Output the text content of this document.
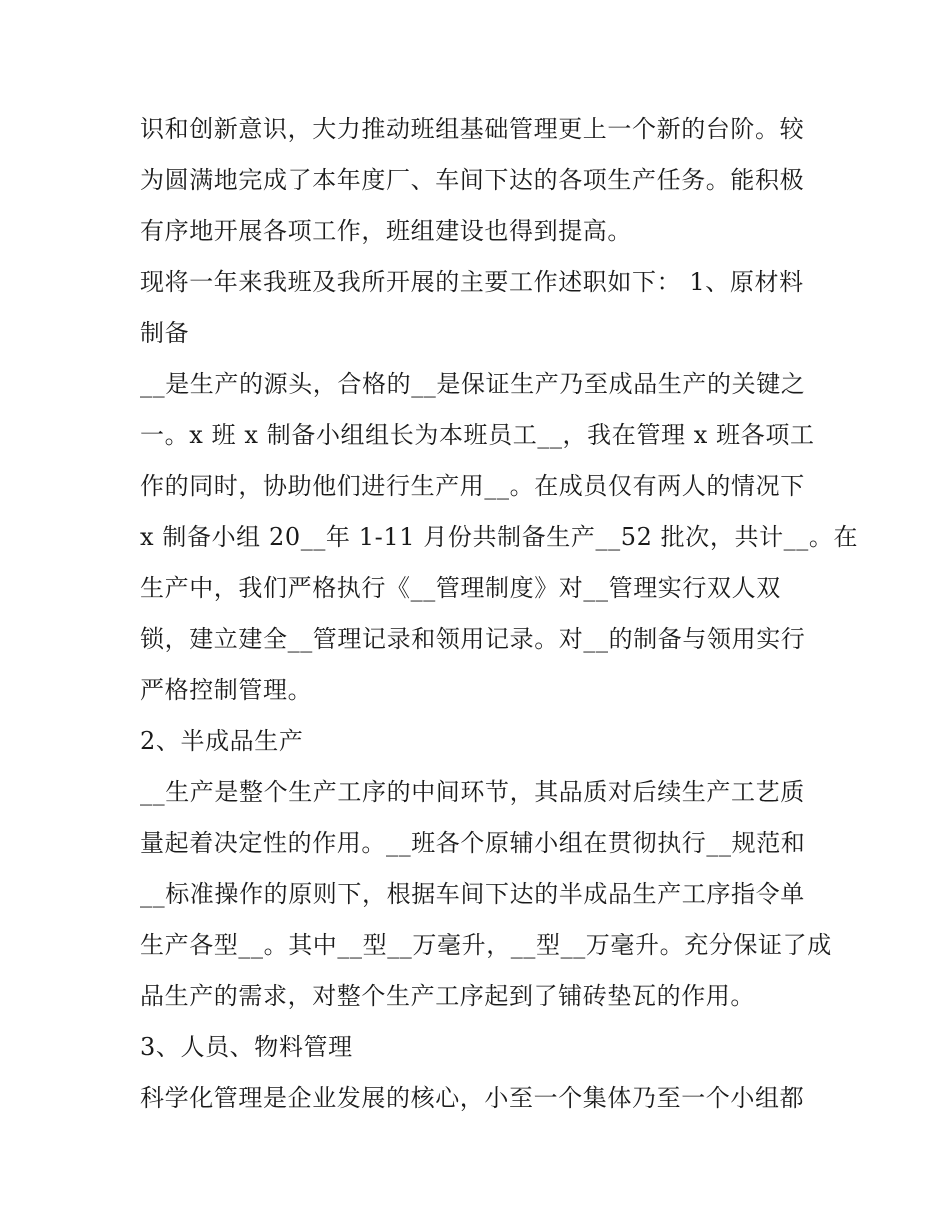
识和创新意识，大力推动班组基础管理更上一个新的台阶。较
为圆满地完成了本年度厂、车间下达的各项生产任务。能积极
有序地开展各项工作，班组建设也得到提高。
现将一年来我班及我所开展的主要工作述职如下： 1、原材料
制备
__是生产的源头，合格的__是保证生产乃至成品生产的关键之
一。x 班 x 制备小组组长为本班员工__，我在管理 x 班各项工
作的同时，协助他们进行生产用__。在成员仅有两人的情况下
x 制备小组 20__年 1-11 月份共制备生产__52 批次，共计__。在
生产中，我们严格执行《__管理制度》对__管理实行双人双
锁，建立建全__管理记录和领用记录。对__的制备与领用实行
严格控制管理。
2、半成品生产
__生产是整个生产工序的中间环节，其品质对后续生产工艺质
量起着决定性的作用。__班各个原辅小组在贯彻执行__规范和
__标准操作的原则下，根据车间下达的半成品生产工序指令单
生产各型__。其中__型__万毫升，__型__万毫升。充分保证了成
品生产的需求，对整个生产工序起到了铺砖垫瓦的作用。
3、人员、物料管理
科学化管理是企业发展的核心，小至一个集体乃至一个小组都
